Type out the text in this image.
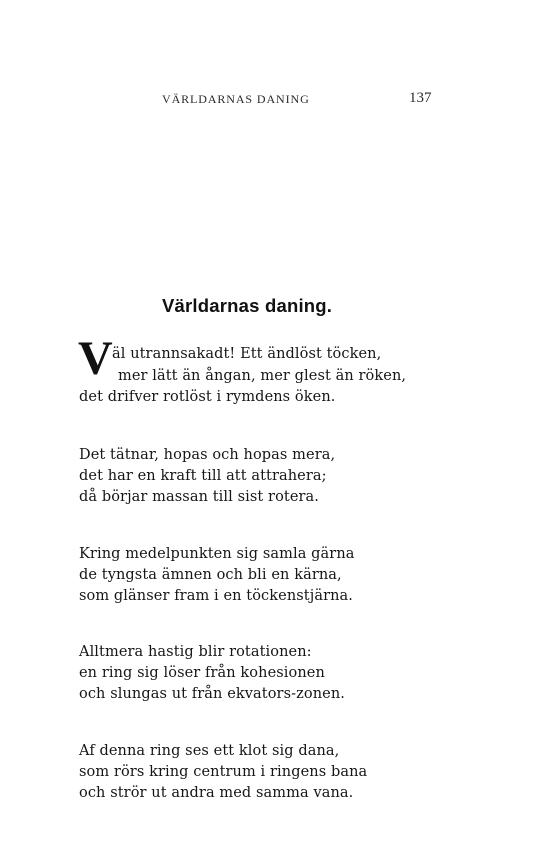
VÄRLDARNAS DANING	137
Världarnas daning.
V äl utrannsakadt! Ett ändlöst töcken,
mer lätt än ångan, mer glest än röken,
det drifver rotlöst i rymdens öken.
Det tätnar, hopas och hopas mera,
det har en kraft till att attrahera;
då börjar massan till sist rotera.
Kring medelpunkten sig samla gärna
de tyngsta ämnen och bli en kärna,
som glänser fram i en töckenstjärna.
Alltmera hastig blir rotationen:
en ring sig löser från kohesionen
och slungas ut från ekvators-zonen.
Af denna ring ses ett klot sig dana,
som rörs kring centrum i ringens bana
och strör ut andra med samma vana.
